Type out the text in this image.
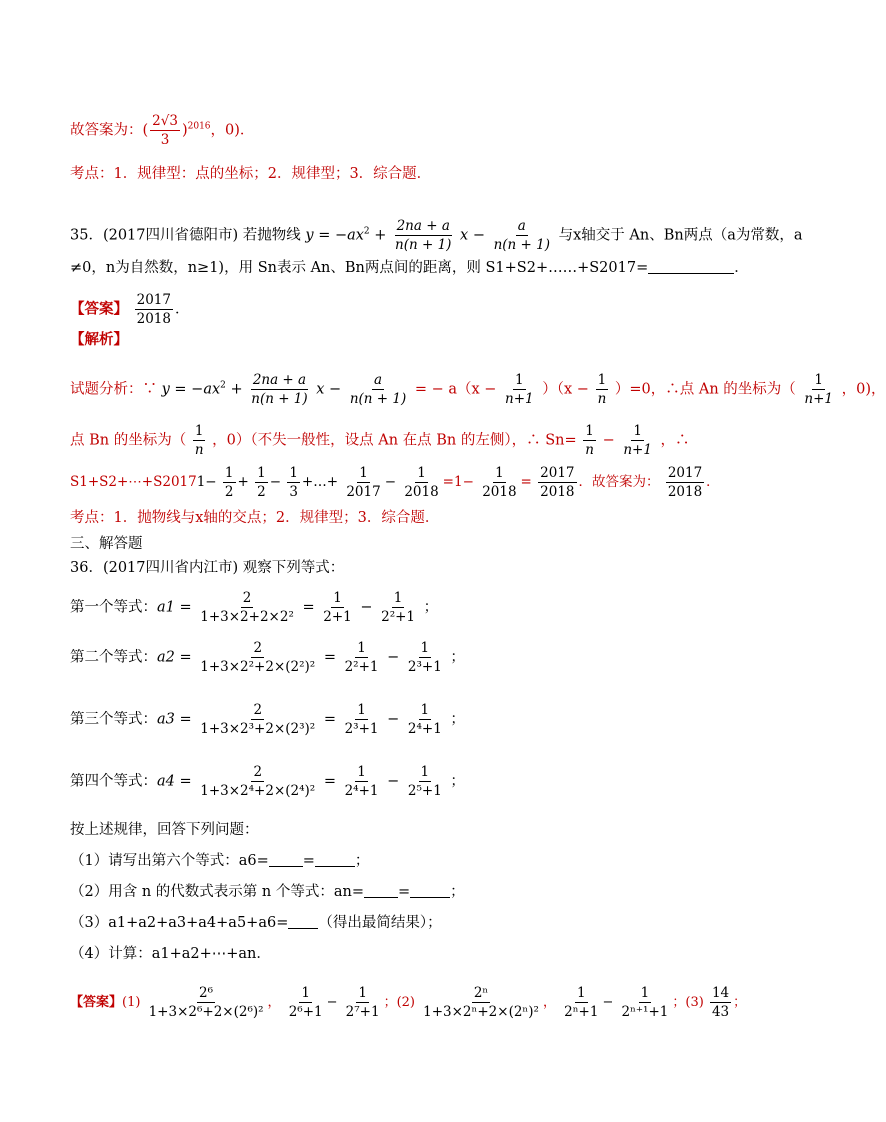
故答案为：( $\frac{2√3}{3} )^{2016}$，0)．
考点：1．规律型：点的坐标；2．规律型；3．综合题．
35．(2017四川省德阳市) 若抛物线 $y = -ax^2 + \frac{2na + a}{n(n + 1)}$ $x - \frac{a}{n(n + 1)}$ 与x轴交于 An、Bn两点（a为常数，a
≠0，n为自然数，n≥1)，用 Sn表示 An、Bn两点间的距离，则 S1+S2+……+S2017=	．
【答案】 $\frac{2017}{2018}$ ．
【解析】
试题分析：∵ $y = -ax^2 + \frac{2na + a}{n(n + 1)}$ $x - \frac{a}{n(n + 1)}$ = − $a(x - \frac{1}{n+1} )(x - \frac{1}{n} )=0$，∴点 An 的坐标为（ $\frac{1}{n+1}$ ，0)，
点 Bn 的坐标为（ $\frac{1}{n}$ ，0）（不失一般性，设点 An 在点 Bn 的左侧），∴ $Sn= \frac{1}{n} - \frac{1}{n+1}$ ，∴
S1+S2+⋯+S20171− $\frac{1}{2} + \frac{1}{2} - \frac{1}{3}$ +…+ $\frac{1}{2017} - \frac{1}{2018} =1- \frac{1}{2018} = \frac{2017}{2018}$ ．故答案为： $\frac{2017}{2018}$ ．
考点：1．抛物线与x轴的交点；2．规律型；3．综合题．
三、解答题
36．(2017四川省内江市) 观察下列等式：
第一个等式：$a1 = \frac{2}{\text{1+3×2+2×2²}} = \frac{1}{2+1} - \frac{1}{\text{2²+1}}$ ；
第二个等式：$a2 = \frac{2}{\text{1+3×2²+2×(2²)²}} = \frac{1}{\text{2²+1}} - \frac{1}{\text{2³+1}}$ ；
第三个等式：$a3 = \frac{2}{\text{1+3×2³+2×(2³)²}} = \frac{1}{\text{2³+1}} - \frac{1}{\text{2⁴+1}}$ ；
第四个等式：$a4 = \frac{2}{\text{1+3×2⁴+2×(2⁴)²}} = \frac{1}{\text{2⁴+1}} - \frac{1}{\text{2⁵+1}}$ ；
按上述规律，回答下列问题：
（1）请写出第六个等式：a6= =	；
（2）用含 n 的代数式表示第 n 个等式：an= =	；
（3）a1+a2+a3+a4+a5+a6= （得出最简结果）；
（4）计算：a1+a2+⋯+an．
【答案】$(1) \frac{\text{2⁶}}{\text{1+3×2⁶+2×(2⁶)²}}$ ， $\frac{1}{\text{2⁶+1}} - \frac{1}{\text{2⁷+1}}$ ；$(2) \frac{\text{2ⁿ}}{\text{1+3×2ⁿ+2×(2ⁿ)²}}$ ， $\frac{1}{\text{2ⁿ+1}} - \frac{1}{\text{2ⁿ⁺¹+1}}$ ；$(3) \frac{14}{43}$ ；
